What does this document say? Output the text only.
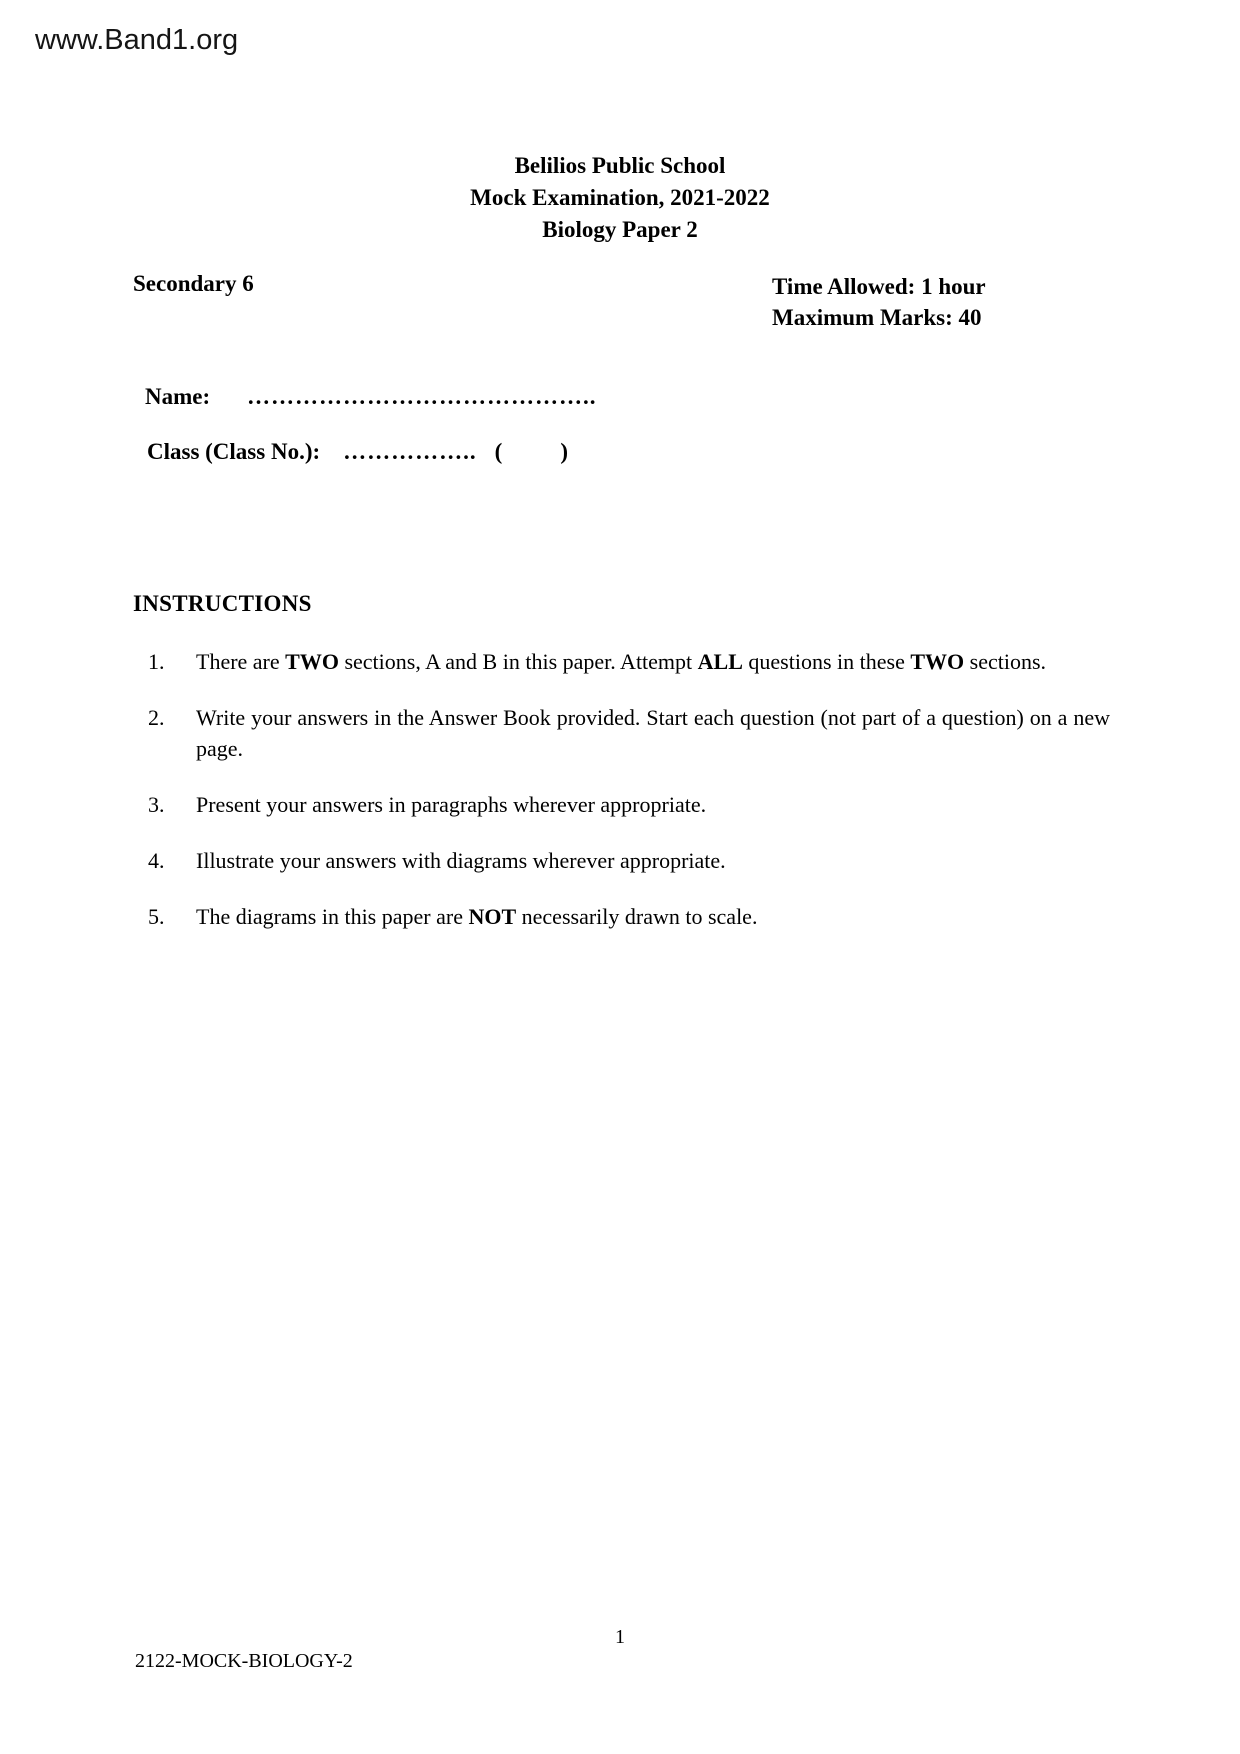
www.Band1.org
Belilios Public School
Mock Examination, 2021-2022
Biology Paper 2
Secondary 6	Time Allowed: 1 hour
Maximum Marks: 40
Name: ……………………………………..
Class (Class No.): …………….. (	)
INSTRUCTIONS
1. There are TWO sections, A and B in this paper. Attempt ALL questions in these TWO sections.
2. Write your answers in the Answer Book provided. Start each question (not part of a question) on a new page.
3. Present your answers in paragraphs wherever appropriate.
4. Illustrate your answers with diagrams wherever appropriate.
5. The diagrams in this paper are NOT necessarily drawn to scale.
1
2122-MOCK-BIOLOGY-2
